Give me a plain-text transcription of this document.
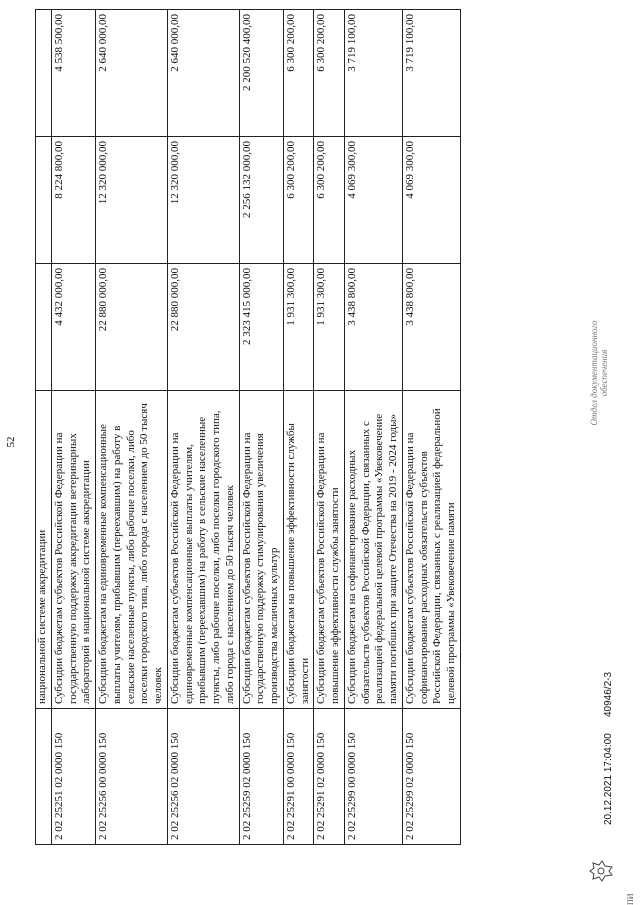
52
	национальной системе аккредитации			
2 02 25251 02 0000 150	Субсидии бюджетам субъектов Российской Федерации на государственную поддержку аккредитации ветеринарных лабораторий в национальной системе аккредитации	4 432 000,00	8 224 800,00	4 538 500,00
2 02 25256 00 0000 150	Субсидии бюджетам на единовременные компенсационные выплаты учителям, прибывшим (переехавшим) на работу в сельские населенные пункты, либо рабочие поселки, либо поселки городского типа, либо города с населением до 50 тысяч человек	22 880 000,00	12 320 000,00	2 640 000,00
2 02 25256 02 0000 150	Субсидии бюджетам субъектов Российской Федерации на единовременные компенсационные выплаты учителям, прибывшим (переехавшим) на работу в сельские населенные пункты, либо рабочие поселки, либо поселки городского типа, либо города с населением до 50 тысяч человек	22 880 000,00	12 320 000,00	2 640 000,00
2 02 25259 02 0000 150	Субсидии бюджетам субъектов Российской Федерации на государственную поддержку стимулирования увеличения производства масличных культур	2 323 415 000,00	2 256 132 000,00	2 200 520 400,00
2 02 25291 00 0000 150	Субсидии бюджетам на повышение эффективности службы занятости	1 931 300,00	6 300 200,00	6 300 200,00
2 02 25291 02 0000 150	Субсидии бюджетам субъектов Российской Федерации на повышение эффективности службы занятости	1 931 300,00	6 300 200,00	6 300 200,00
2 02 25299 00 0000 150	Субсидии бюджетам на софинансирование расходных обязательств субъектов Российской Федерации, связанных с реализацией федеральной целевой программы «Увековечение памяти погибших при защите Отечества на 2019 - 2024 годы»	3 438 800,00	4 069 300,00	3 719 100,00
2 02 25299 02 0000 150	Субсидии бюджетам субъектов Российской Федерации на софинансирование расходных обязательств субъектов Российской Федерации, связанных с реализацией федеральной целевой программы «Увековечение памяти	3 438 800,00	4 069 300,00	3 719 100,00
20.12.2021 17:04:00
40946/2-3
Отдел документационного обеспечения
ПИ
